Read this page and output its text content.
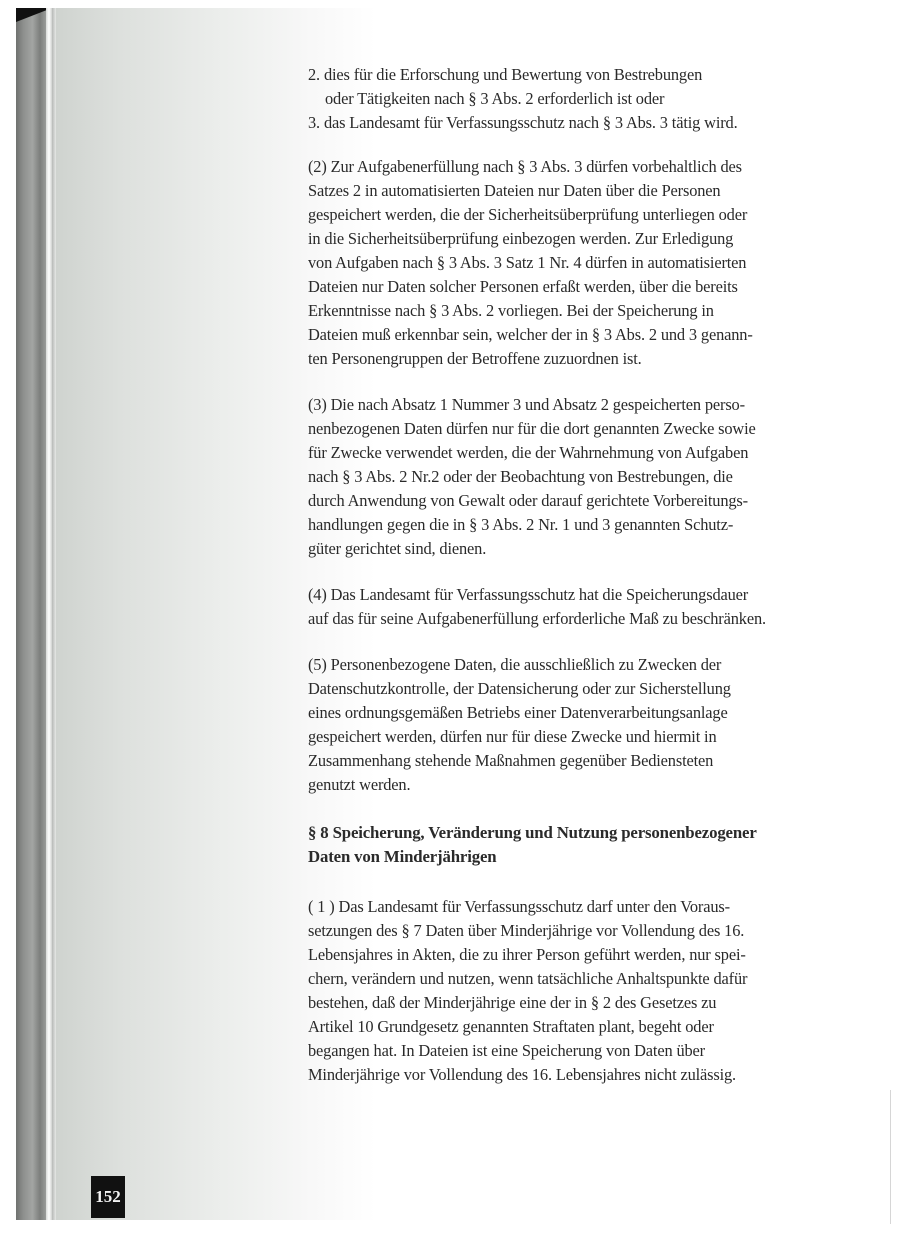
152
2. dies für die Erforschung und Bewertung von Bestrebungen
oder Tätigkeiten nach § 3 Abs. 2 erforderlich ist oder
3. das Landesamt für Verfassungsschutz nach § 3 Abs. 3 tätig wird.
(2) Zur Aufgabenerfüllung nach § 3 Abs. 3 dürfen vorbehaltlich des
Satzes 2 in automatisierten Dateien nur Daten über die Personen
gespeichert werden, die der Sicherheitsüberprüfung unterliegen oder
in die Sicherheitsüberprüfung einbezogen werden. Zur Erledigung
von Aufgaben nach § 3 Abs. 3 Satz 1 Nr. 4 dürfen in automatisierten
Dateien nur Daten solcher Personen erfaßt werden, über die bereits
Erkenntnisse nach § 3 Abs. 2 vorliegen. Bei der Speicherung in
Dateien muß erkennbar sein, welcher der in § 3 Abs. 2 und 3 genann-
ten Personengruppen der Betroffene zuzuordnen ist.
(3) Die nach Absatz 1 Nummer 3 und Absatz 2 gespeicherten perso-
nenbezogenen Daten dürfen nur für die dort genannten Zwecke sowie
für Zwecke verwendet werden, die der Wahrnehmung von Aufgaben
nach § 3 Abs. 2 Nr.2 oder der Beobachtung von Bestrebungen, die
durch Anwendung von Gewalt oder darauf gerichtete Vorbereitungs-
handlungen gegen die in § 3 Abs. 2 Nr. 1 und 3 genannten Schutz-
güter gerichtet sind, dienen.
(4) Das Landesamt für Verfassungsschutz hat die Speicherungsdauer
auf das für seine Aufgabenerfüllung erforderliche Maß zu beschränken.
(5) Personenbezogene Daten, die ausschließlich zu Zwecken der
Datenschutzkontrolle, der Datensicherung oder zur Sicherstellung
eines ordnungsgemäßen Betriebs einer Datenverarbeitungsanlage
gespeichert werden, dürfen nur für diese Zwecke und hiermit in
Zusammenhang stehende Maßnahmen gegenüber Bediensteten
genutzt werden.
§ 8 Speicherung, Veränderung und Nutzung personenbezogener
Daten von Minderjährigen
( 1 ) Das Landesamt für Verfassungsschutz darf unter den Voraus-
setzungen des § 7 Daten über Minderjährige vor Vollendung des 16.
Lebensjahres in Akten, die zu ihrer Person geführt werden, nur spei-
chern, verändern und nutzen, wenn tatsächliche Anhaltspunkte dafür
bestehen, daß der Minderjährige eine der in § 2 des Gesetzes zu
Artikel 10 Grundgesetz genannten Straftaten plant, begeht oder
begangen hat. In Dateien ist eine Speicherung von Daten über
Minderjährige vor Vollendung des 16. Lebensjahres nicht zulässig.
